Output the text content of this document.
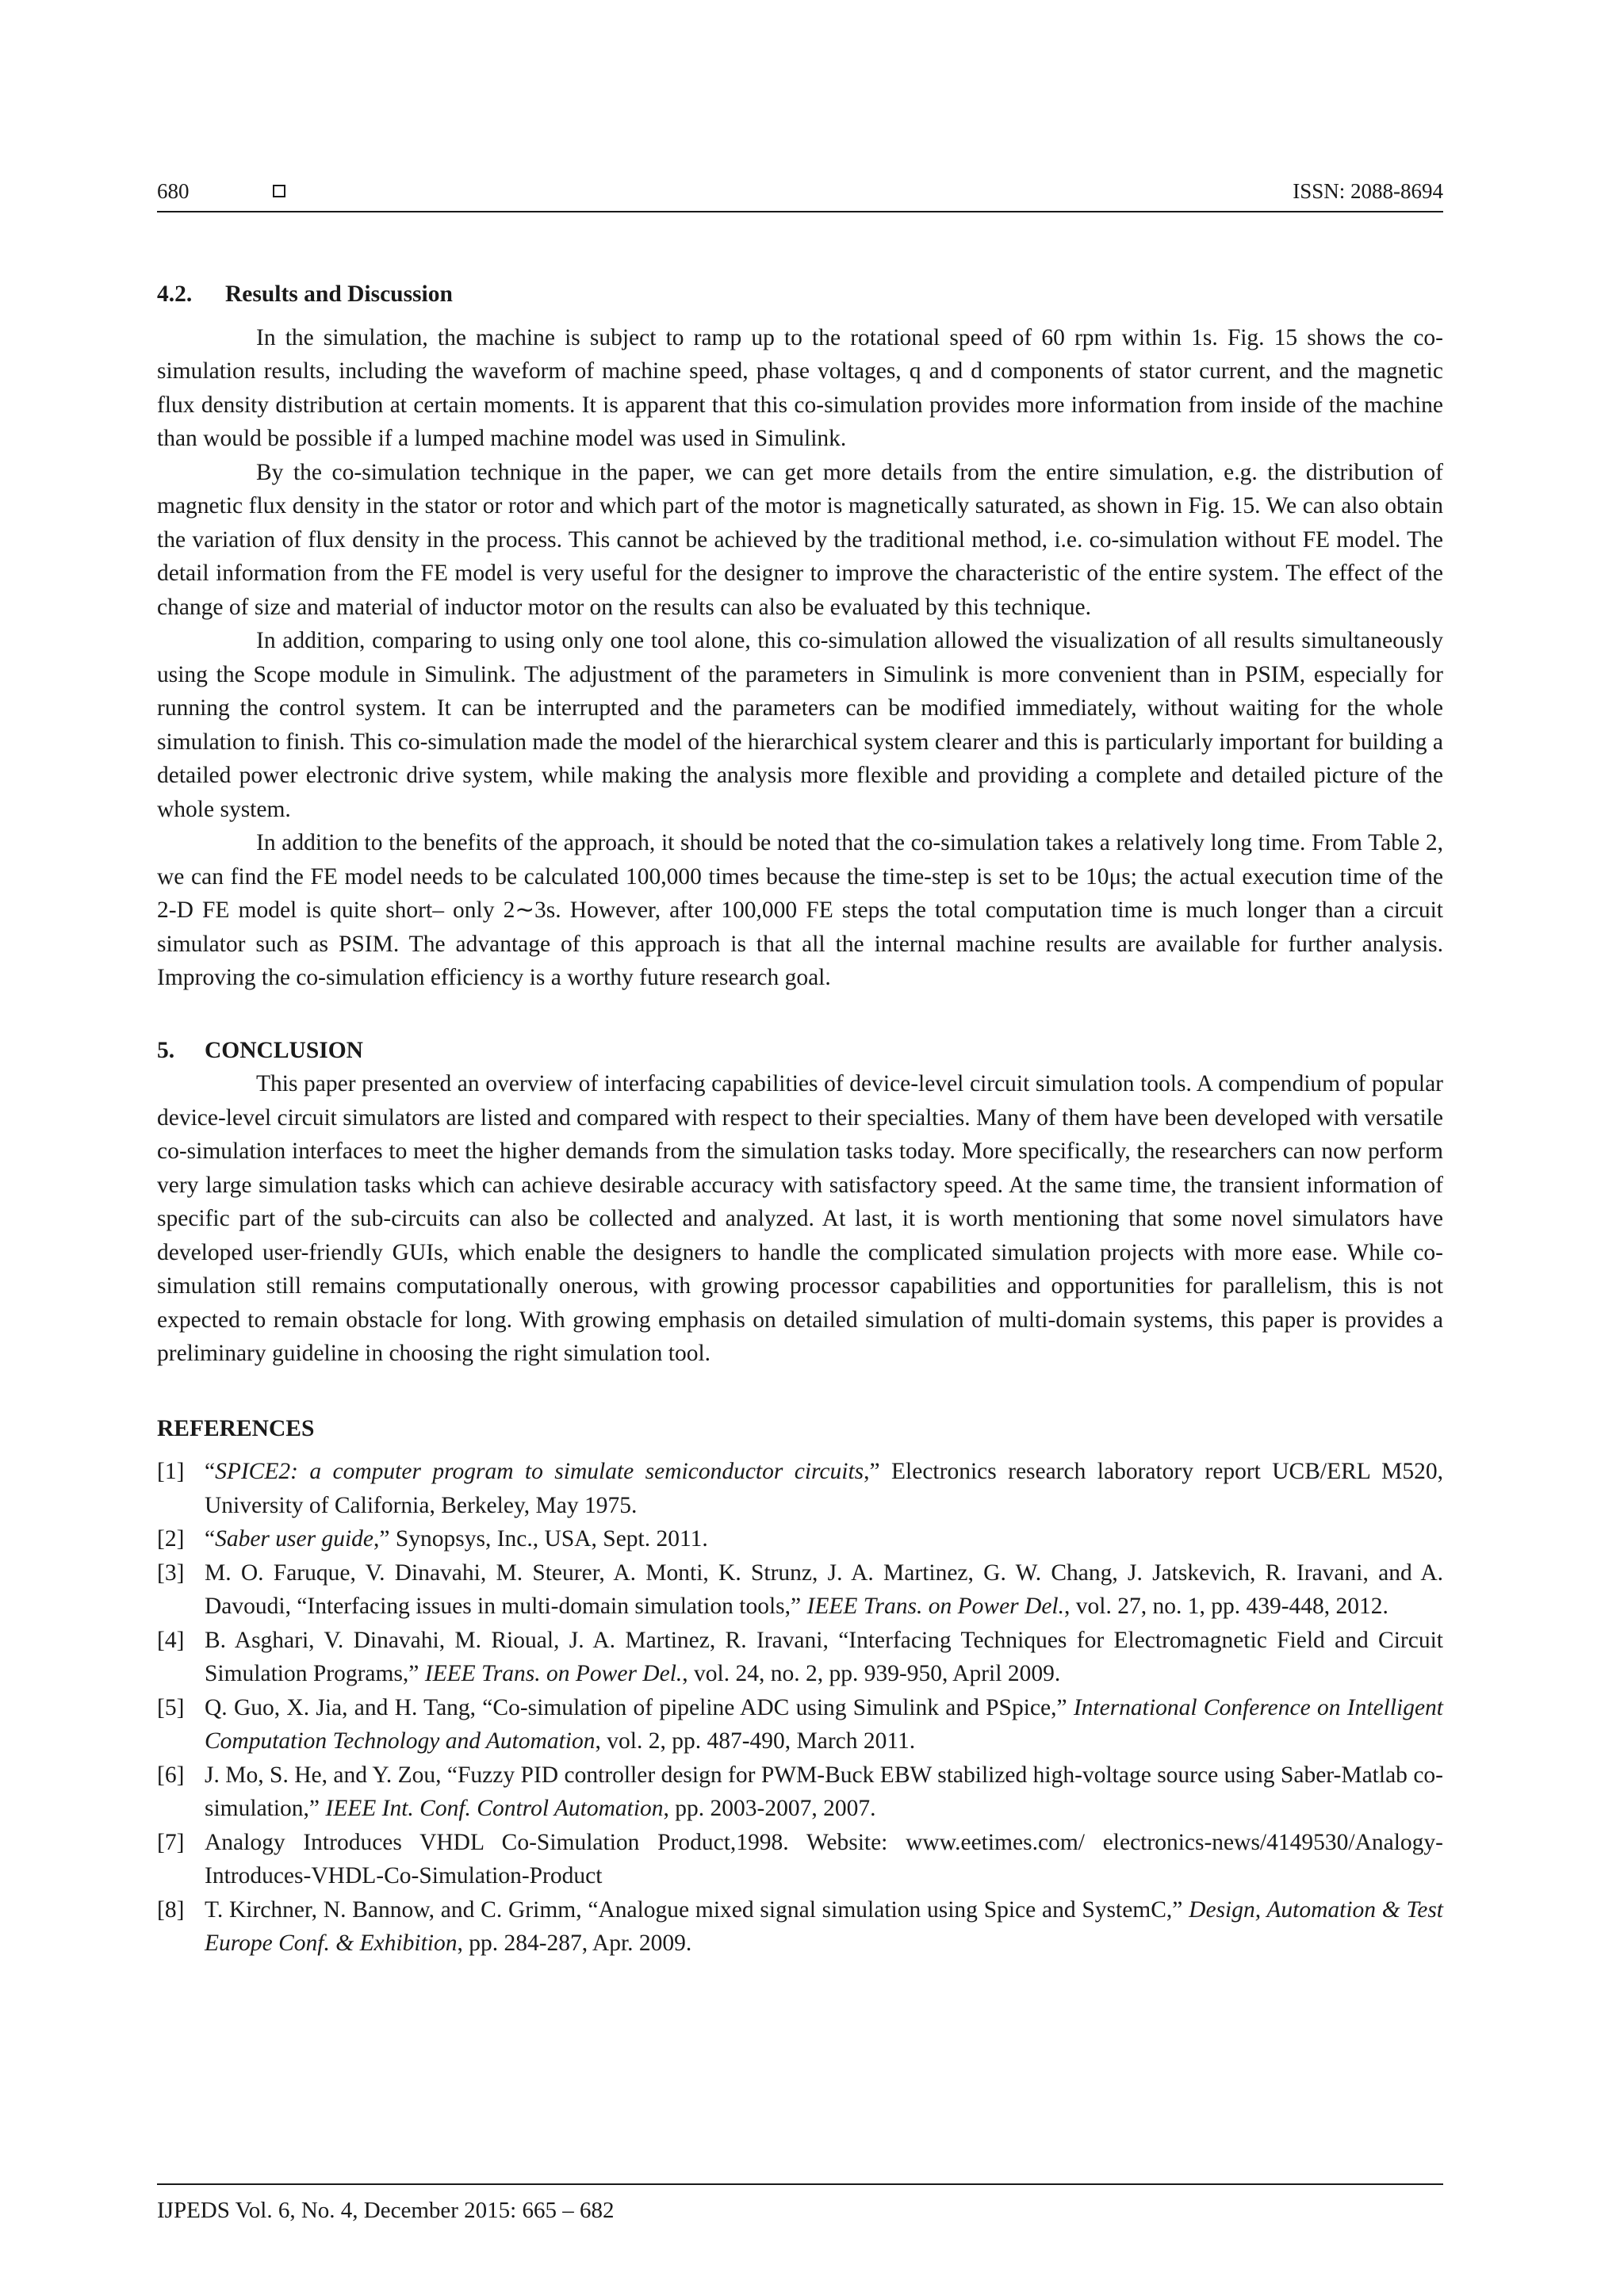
680	ISSN: 2088-8694
4.2. Results and Discussion

In the simulation, the machine is subject to ramp up to the rotational speed of 60 rpm within 1s. Fig. 15 shows the co-simulation results, including the waveform of machine speed, phase voltages, q and d components of stator current, and the magnetic flux density distribution at certain moments. It is apparent that this co-simulation provides more information from inside of the machine than would be possible if a lumped machine model was used in Simulink.

By the co-simulation technique in the paper, we can get more details from the entire simulation, e.g. the distribution of magnetic flux density in the stator or rotor and which part of the motor is magnetically saturated, as shown in Fig. 15. We can also obtain the variation of flux density in the process. This cannot be achieved by the traditional method, i.e. co-simulation without FE model. The detail information from the FE model is very useful for the designer to improve the characteristic of the entire system. The effect of the change of size and material of inductor motor on the results can also be evaluated by this technique.

In addition, comparing to using only one tool alone, this co-simulation allowed the visualization of all results simultaneously using the Scope module in Simulink. The adjustment of the parameters in Simulink is more convenient than in PSIM, especially for running the control system. It can be interrupted and the parameters can be modified immediately, without waiting for the whole simulation to finish. This co-simulation made the model of the hierarchical system clearer and this is particularly important for building a detailed power electronic drive system, while making the analysis more flexible and providing a complete and detailed picture of the whole system.

In addition to the benefits of the approach, it should be noted that the co-simulation takes a relatively long time. From Table 2, we can find the FE model needs to be calculated 100,000 times because the time-step is set to be 10μs; the actual execution time of the 2-D FE model is quite short– only 2∼3s. However, after 100,000 FE steps the total computation time is much longer than a circuit simulator such as PSIM. The advantage of this approach is that all the internal machine results are available for further analysis. Improving the co-simulation efficiency is a worthy future research goal.

5. CONCLUSION

This paper presented an overview of interfacing capabilities of device-level circuit simulation tools. A compendium of popular device-level circuit simulators are listed and compared with respect to their specialties. Many of them have been developed with versatile co-simulation interfaces to meet the higher demands from the simulation tasks today. More specifically, the researchers can now perform very large simulation tasks which can achieve desirable accuracy with satisfactory speed. At the same time, the transient information of specific part of the sub-circuits can also be collected and analyzed. At last, it is worth mentioning that some novel simulators have developed user-friendly GUIs, which enable the designers to handle the complicated simulation projects with more ease. While co-simulation still remains computationally onerous, with growing processor capabilities and opportunities for parallelism, this is not expected to remain obstacle for long. With growing emphasis on detailed simulation of multi-domain systems, this paper is provides a preliminary guideline in choosing the right simulation tool.

REFERENCES
[1] “SPICE2: a computer program to simulate semiconductor circuits,” Electronics research laboratory report UCB/ERL M520, University of California, Berkeley, May 1975.
[2] “Saber user guide,” Synopsys, Inc., USA, Sept. 2011.
[3] M. O. Faruque, V. Dinavahi, M. Steurer, A. Monti, K. Strunz, J. A. Martinez, G. W. Chang, J. Jatskevich, R. Iravani, and A. Davoudi, “Interfacing issues in multi-domain simulation tools,” IEEE Trans. on Power Del., vol. 27, no. 1, pp. 439-448, 2012.
[4] B. Asghari, V. Dinavahi, M. Rioual, J. A. Martinez, R. Iravani, “Interfacing Techniques for Electromagnetic Field and Circuit Simulation Programs,” IEEE Trans. on Power Del., vol. 24, no. 2, pp. 939-950, April 2009.
[5] Q. Guo, X. Jia, and H. Tang, “Co-simulation of pipeline ADC using Simulink and PSpice,” International Conference on Intelligent Computation Technology and Automation, vol. 2, pp. 487-490, March 2011.
[6] J. Mo, S. He, and Y. Zou, “Fuzzy PID controller design for PWM-Buck EBW stabilized high-voltage source using Saber-Matlab co-simulation,” IEEE Int. Conf. Control Automation, pp. 2003-2007, 2007.
[7] Analogy Introduces VHDL Co-Simulation Product,1998. Website: www.eetimes.com/ electronics-news/4149530/Analogy-Introduces-VHDL-Co-Simulation-Product
[8] T. Kirchner, N. Bannow, and C. Grimm, “Analogue mixed signal simulation using Spice and SystemC,” Design, Automation & Test Europe Conf. & Exhibition, pp. 284-287, Apr. 2009.
IJPEDS Vol. 6, No. 4, December 2015: 665 – 682
